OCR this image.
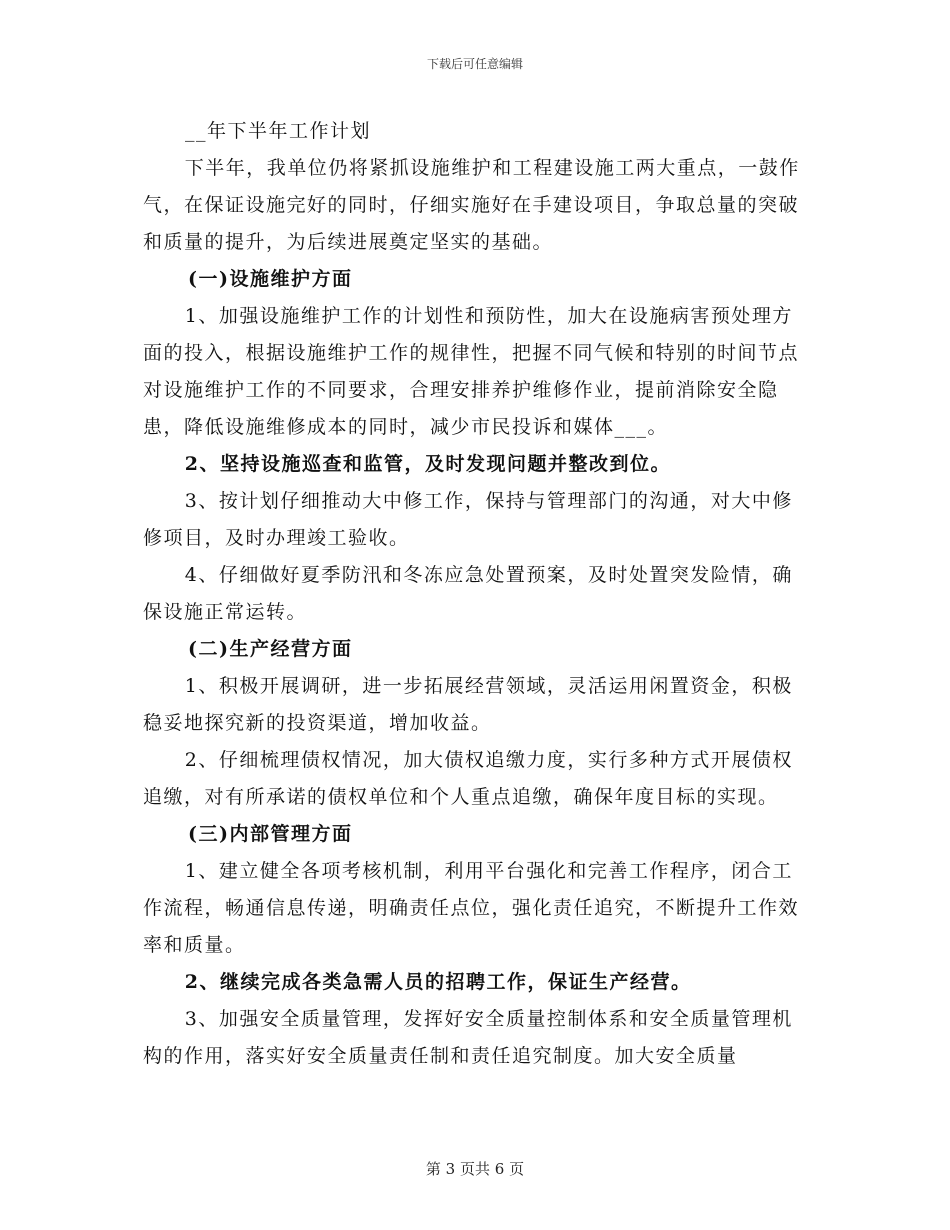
下载后可任意编辑

__年下半年工作计划

下半年，我单位仍将紧抓设施维护和工程建设施工两大重点，一鼓作气，在保证设施完好的同时，仔细实施好在手建设项目，争取总量的突破和质量的提升，为后续进展奠定坚实的基础。

(一)设施维护方面

1、加强设施维护工作的计划性和预防性，加大在设施病害预处理方面的投入，根据设施维护工作的规律性，把握不同气候和特别的时间节点对设施维护工作的不同要求，合理安排养护维修作业，提前消除安全隐患，降低设施维修成本的同时，减少市民投诉和媒体___。

2、坚持设施巡查和监管，及时发现问题并整改到位。

3、按计划仔细推动大中修工作，保持与管理部门的沟通，对大中修修项目，及时办理竣工验收。

4、仔细做好夏季防汛和冬冻应急处置预案，及时处置突发险情，确保设施正常运转。

(二)生产经营方面

1、积极开展调研，进一步拓展经营领域，灵活运用闲置资金，积极稳妥地探究新的投资渠道，增加收益。

2、仔细梳理债权情况，加大债权追缴力度，实行多种方式开展债权追缴，对有所承诺的债权单位和个人重点追缴，确保年度目标的实现。

(三)内部管理方面

1、建立健全各项考核机制，利用平台强化和完善工作程序，闭合工作流程，畅通信息传递，明确责任点位，强化责任追究，不断提升工作效率和质量。

2、继续完成各类急需人员的招聘工作，保证生产经营。

3、加强安全质量管理，发挥好安全质量控制体系和安全质量管理机构的作用，落实好安全质量责任制和责任追究制度。加大安全质量

第 3 页共 6 页
